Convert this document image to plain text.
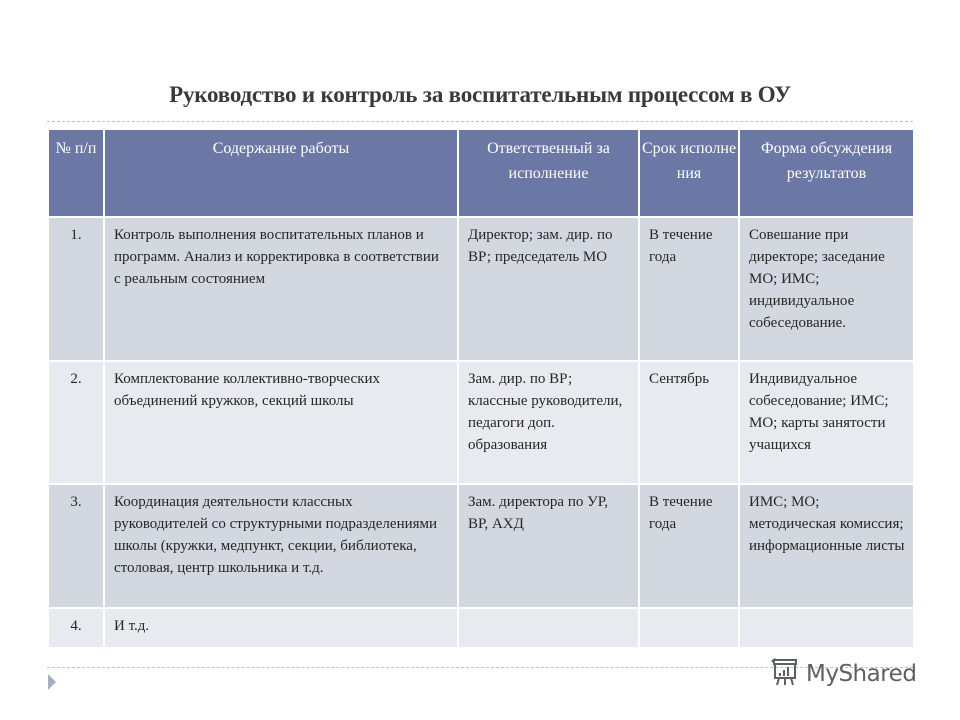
Руководство и контроль за воспитательным процессом в ОУ
№ п/п	Содержание работы	Ответственный за исполнение	Срок исполне ния	Форма обсуждения результатов
1.	Контроль выполнения воспитательных планов и программ. Анализ и корректировка в соответствии с реальным состоянием	Директор; зам. дир. по ВР; председатель МО	В течение года	Совешание при директоре; заседание МО; ИМС; индивидуальное собеседование.
2.	Комплектование коллективно-творческих объединений кружков, секций школы	Зам. дир. по ВР; классные руководители, педагоги доп. образования	Сентябрь	Индивидуальное собеседование; ИМС; МО; карты занятости учащихся
3.	Координация деятельности классных руководителей со структурными подразделениями школы (кружки, медпункт, секции, библиотека, столовая, центр школьника и т.д.	Зам. директора по УР, ВР, АХД	В течение года	ИМС; МО; методическая комиссия; информационные листы
4.	И т.д.			
MyShared
